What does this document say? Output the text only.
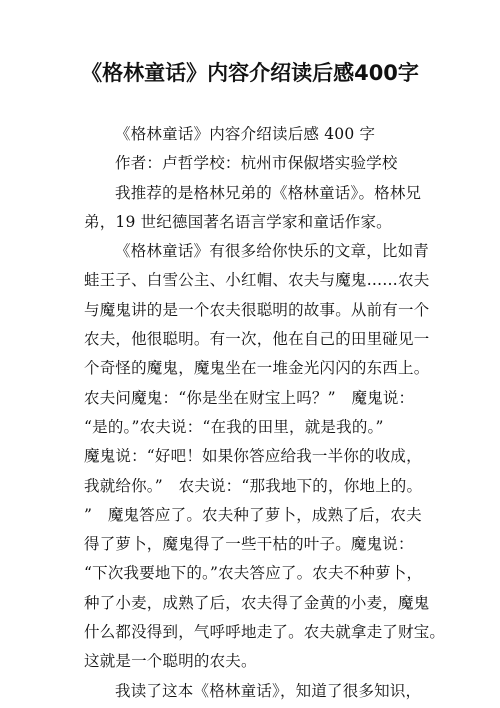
《格林童话》内容介绍读后感400字
《格林童话》内容介绍读后感 400 字
作者：卢哲学校：杭州市保俶塔实验学校
我推荐的是格林兄弟的《格林童话》。格林兄
弟，19 世纪德国著名语言学家和童话作家。
《格林童话》有很多给你快乐的文章，比如青
蛙王子、白雪公主、小红帽、农夫与魔鬼……农夫
与魔鬼讲的是一个农夫很聪明的故事。从前有一个
农夫，他很聪明。有一次，他在自己的田里碰见一
个奇怪的魔鬼，魔鬼坐在一堆金光闪闪的东西上。
农夫问魔鬼：“你是坐在财宝上吗？”　魔鬼说：
“是的。”农夫说：“在我的田里，就是我的。”
魔鬼说：“好吧！如果你答应给我一半你的收成，
我就给你。”　农夫说：“那我地下的，你地上的。
”　魔鬼答应了。农夫种了萝卜，成熟了后，农夫
得了萝卜，魔鬼得了一些干枯的叶子。魔鬼说：
“下次我要地下的。”农夫答应了。农夫不种萝卜，
种了小麦，成熟了后，农夫得了金黄的小麦，魔鬼
什么都没得到，气呼呼地走了。农夫就拿走了财宝。
这就是一个聪明的农夫。
我读了这本《格林童话》，知道了很多知识，
